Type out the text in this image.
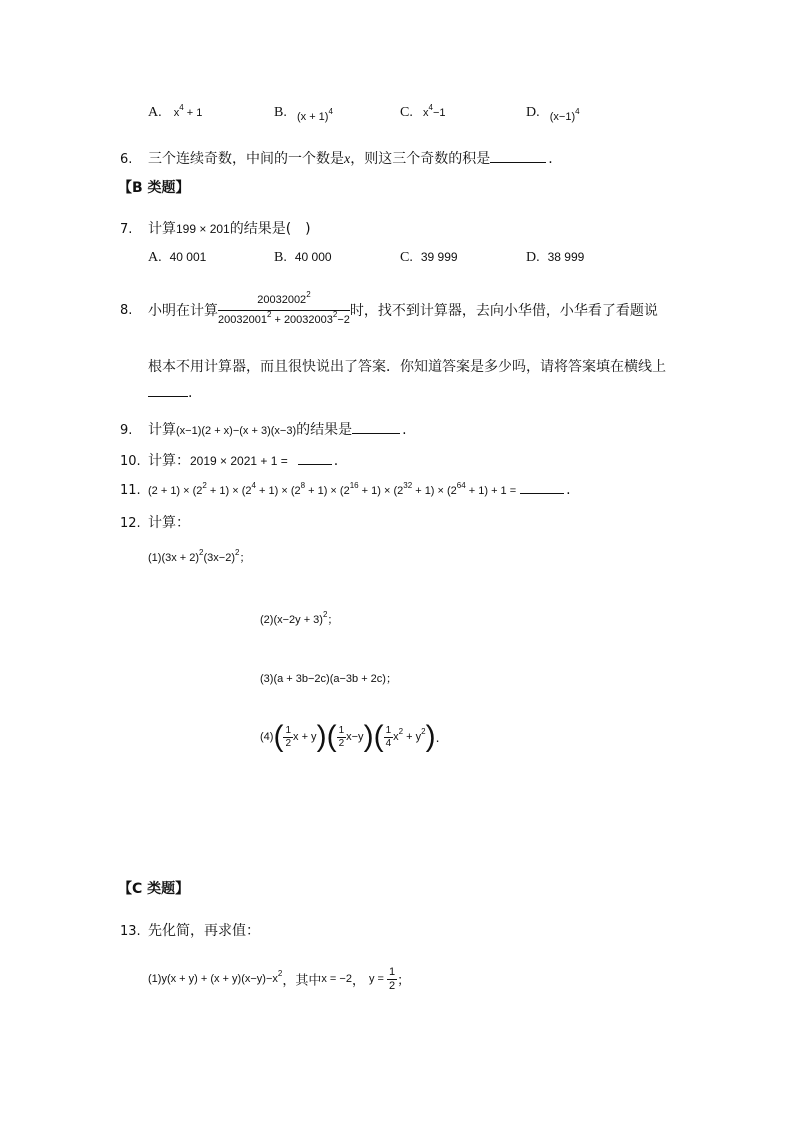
A. $x^4 + 1$	B. $_{(x + 1)^4}$	C. $x^4-1$	D. $_{(x-1)^4}$
6. 三个连续奇数，中间的一个数是x，则这三个奇数的积是	.
【B 类题】
7. 计算199 × 201的结果是(　)
A. 40 001	B. 40 000	C. 39 999	D. 38 999
8. 小明在计算 $\frac{20032002^2}{20032001^2 + 20032003^2-2}$ 时，找不到计算器，去向小华借，小华看了看题说
根本不用计算器，而且很快说出了答案．你知道答案是多少吗，请将答案填在横线上
.
9. 计算(x−1)(2 + x)−(x + 3)(x−3)的结果是	.
10. 计算：2019 × 2021 + 1 =	.
11. $(2 + 1) \times (2^2 + 1) \times (2^4 + 1) \times (2^8 + 1) \times (2^{16} + 1) \times (2^{32} + 1) \times (2^{64} + 1) + 1$ =	.
12. 计算：
$(1)(3x + 2)^2(3x-2)^2$；
$(2)(x-2y + 3)^2$；
(3)(a + 3b−2c)(a−3b + 2c)；
$(4)( \frac{1}{2}$ $x + y)( \frac{1}{2} x-y)( \frac{1}{4} x^2 + y^2)$.
【C 类题】
13. 先化简，再求值：
$(1)y(x + y) + (x + y)(x-y)-x^2$，其中x = −2， $y = \frac{1}{2}$ ；
